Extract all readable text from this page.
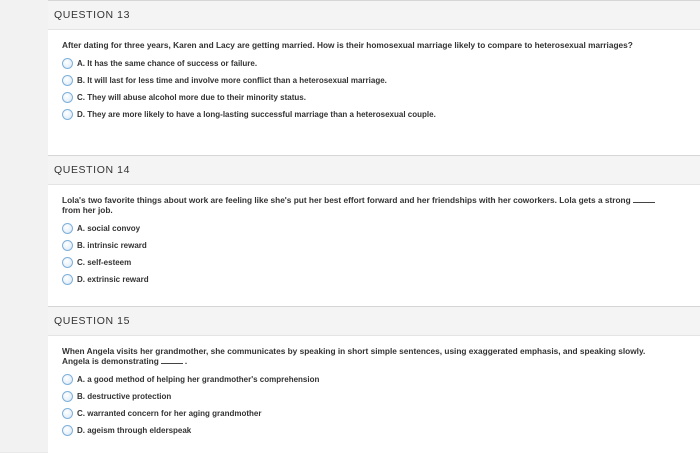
QUESTION 13

After dating for three years, Karen and Lacy are getting married. How is their homosexual marriage likely to compare to heterosexual marriages?

A. It has the same chance of success or failure.
B. It will last for less time and involve more conflict than a heterosexual marriage.
C. They will abuse alcohol more due to their minority status.
D. They are more likely to have a long-lasting successful marriage than a heterosexual couple.
QUESTION 14

Lola's two favorite things about work are feeling like she's put her best effort forward and her friendships with her coworkers. Lola gets a strongfrom her job.

A. social convoy
B. intrinsic reward
C. self-esteem
D. extrinsic reward
QUESTION 15

When Angela visits her grandmother, she communicates by speaking in short simple sentences, using exaggerated emphasis, and speaking slowly. Angela is demonstrating	.

A. a good method of helping her grandmother's comprehension
B. destructive protection
C. warranted concern for her aging grandmother
D. ageism through elderspeak
